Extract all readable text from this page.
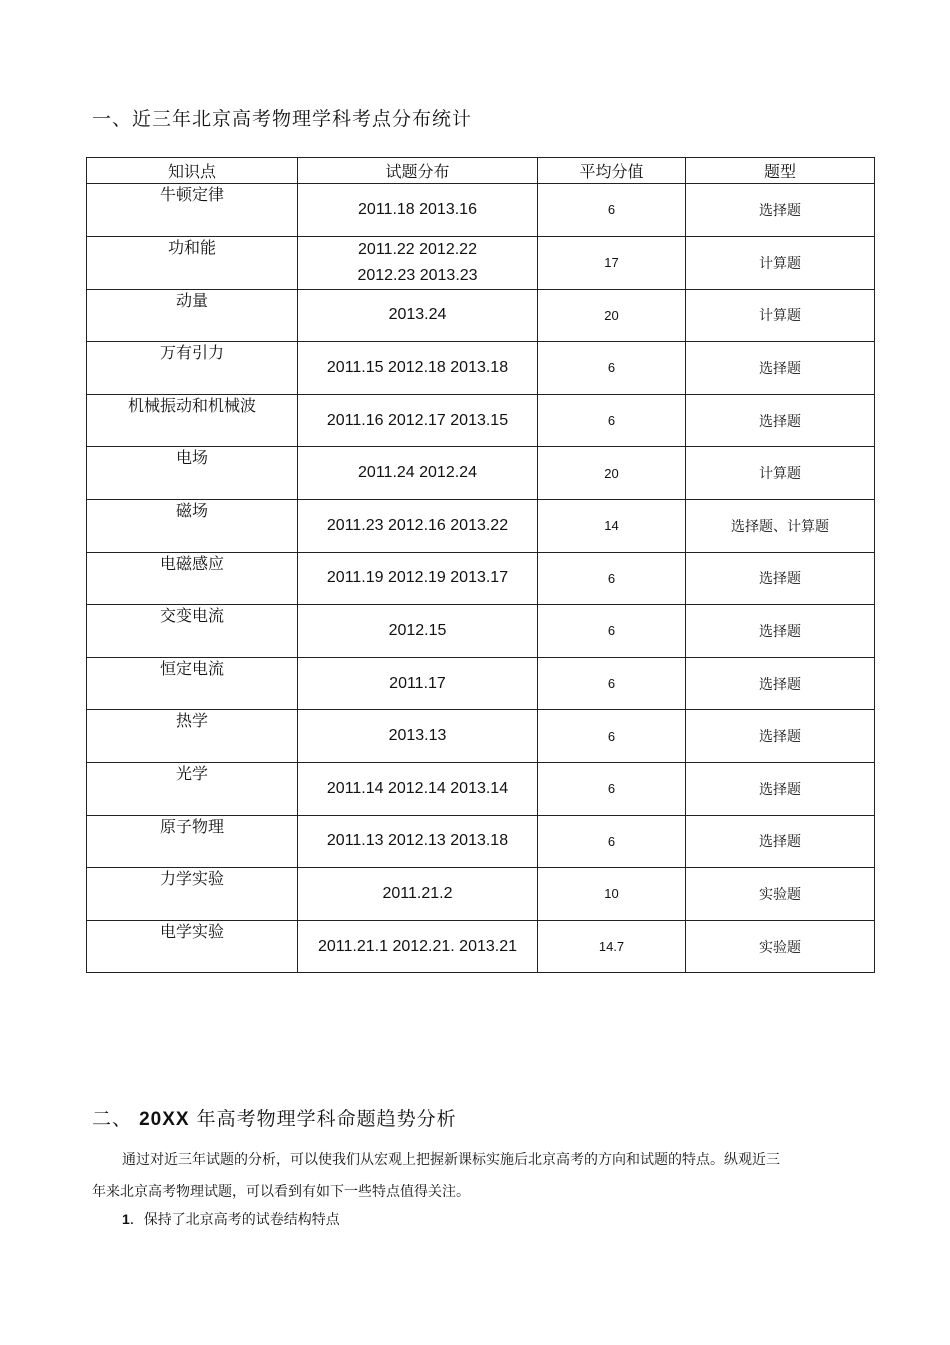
一、近三年北京高考物理学科考点分布统计
知识点	试题分布	平均分值	题型

牛顿定律	2011.18 2013.16	6	选择题

功和能	2011.22 2012.22
2012.23 2013.23	17	计算题

动量	2013.24	20	计算题

万有引力	2011.15 2012.18 2013.18	6	选择题

机械振动和机械波	2011.16 2012.17 2013.15	6	选择题

电场	2011.24 2012.24	20	计算题

磁场	2011.23 2012.16 2013.22	14	选择题、计算题

电磁感应	2011.19 2012.19 2013.17	6	选择题

交变电流	2012.15	6	选择题

恒定电流	2011.17	6	选择题

热学	2013.13	6	选择题

光学	2011.14 2012.14 2013.14	6	选择题

原子物理	2011.13 2012.13 2013.18	6	选择题

力学实验	2011.21.2	10	实验题

电学实验	2011.21.1 2012.21. 2013.21	14.7	实验题
二、 20XX 年高考物理学科命题趋势分析

通过对近三年试题的分析，可以使我们从宏观上把握新课标实施后北京高考的方向和试题的特点。纵观近三年来北京高考物理试题，可以看到有如下一些特点值得关注。

1．保持了北京高考的试卷结构特点
